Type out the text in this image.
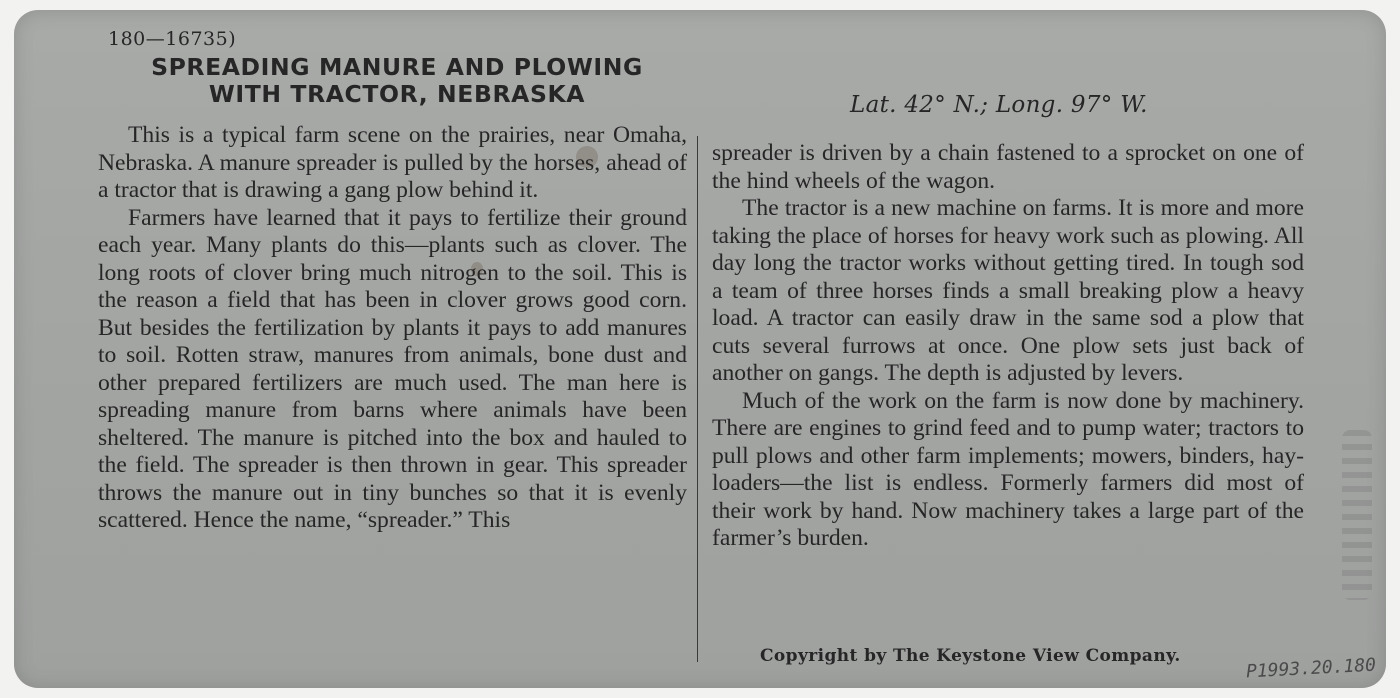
180—16735)
SPREADING MANURE AND PLOWING
WITH TRACTOR, NEBRASKA	Lat. 42° N.; Long. 97° W.

This is a typical farm scene on the prairies, near Omaha, Nebraska. A manure spreader is pulled by the horses, ahead of a tractor that is drawing a gang plow behind it.

Farmers have learned that it pays to fertilize their ground each year. Many plants do this—plants such as clover. The long roots of clover bring much nitrogen to the soil. This is the reason a field that has been in clover grows good corn. But besides the fertilization by plants it pays to add manures to soil. Rotten straw, manures from animals, bone dust and other prepared fertilizers are much used. The man here is spreading manure from barns where animals have been sheltered. The manure is pitched into the box and hauled to the field. The spreader is then thrown in gear. This spreader throws the manure out in tiny bunches so that it is evenly scattered. Hence the name, “spreader.” This

spreader is driven by a chain fastened to a sprocket on one of the hind wheels of the wagon.

The tractor is a new machine on farms. It is more and more taking the place of horses for heavy work such as plowing. All day long the tractor works without getting tired. In tough sod a team of three horses finds a small breaking plow a heavy load. A tractor can easily draw in the same sod a plow that cuts several furrows at once. One plow sets just back of another on gangs. The depth is adjusted by levers.

Much of the work on the farm is now done by machinery. There are engines to grind feed and to pump water; tractors to pull plows and other farm implements; mowers, binders, hay-loaders—the list is endless. Formerly farmers did most of their work by hand. Now machinery takes a large part of the farmer’s burden.

Copyright by The Keystone View Company.	P1993.20.180
